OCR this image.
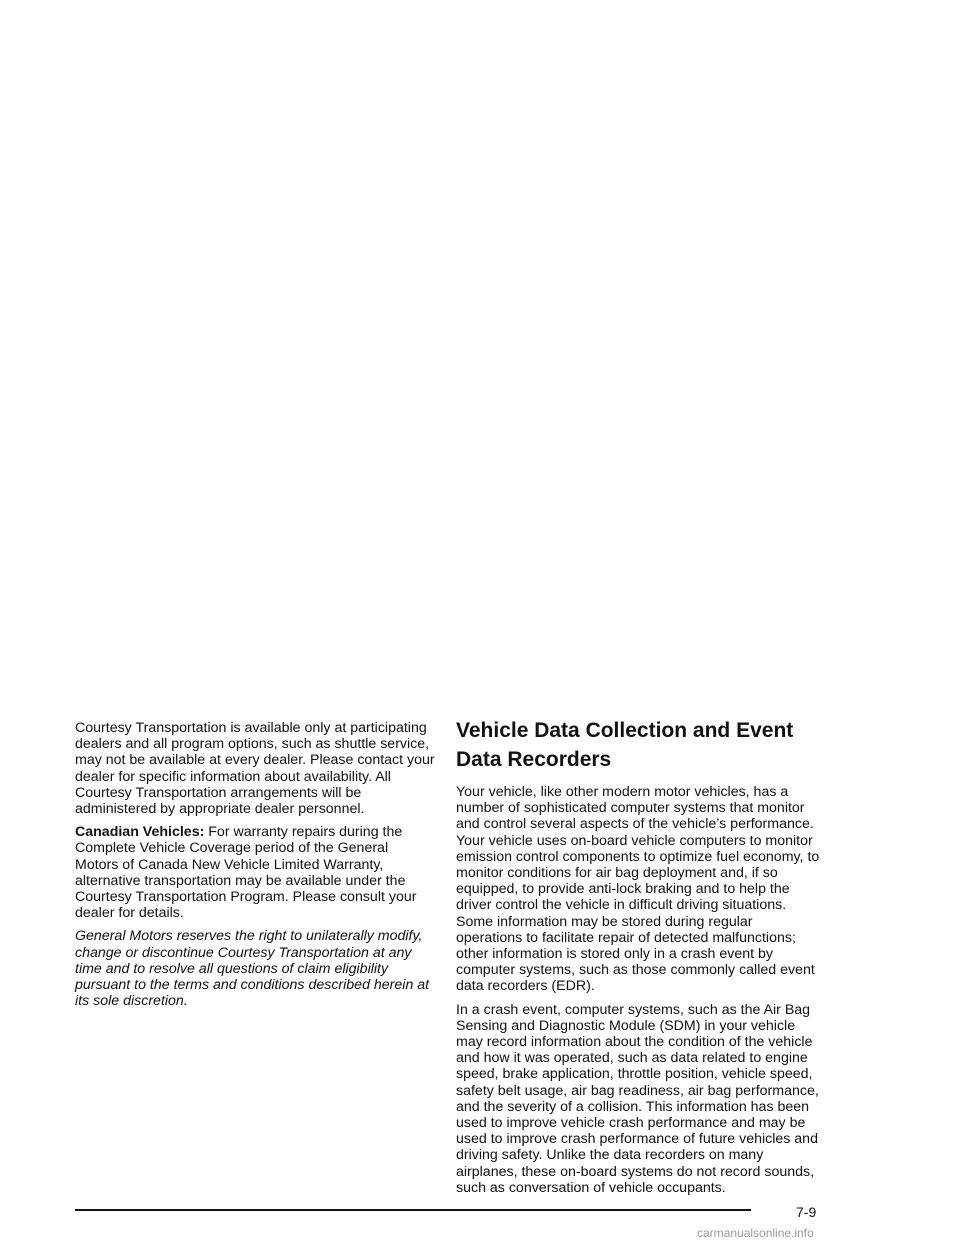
Courtesy Transportation is available only at participating dealers and all program options, such as shuttle service, may not be available at every dealer. Please contact your dealer for specific information about availability. All Courtesy Transportation arrangements will be administered by appropriate dealer personnel.

Canadian Vehicles: For warranty repairs during the Complete Vehicle Coverage period of the General Motors of Canada New Vehicle Limited Warranty, alternative transportation may be available under the Courtesy Transportation Program. Please consult your dealer for details.

General Motors reserves the right to unilaterally modify, change or discontinue Courtesy Transportation at any time and to resolve all questions of claim eligibility pursuant to the terms and conditions described herein at its sole discretion.

Vehicle Data Collection and Event Data Recorders

Your vehicle, like other modern motor vehicles, has a number of sophisticated computer systems that monitor and control several aspects of the vehicle’s performance. Your vehicle uses on-board vehicle computers to monitor emission control components to optimize fuel economy, to monitor conditions for air bag deployment and, if so equipped, to provide anti-lock braking and to help the driver control the vehicle in difficult driving situations. Some information may be stored during regular operations to facilitate repair of detected malfunctions; other information is stored only in a crash event by computer systems, such as those commonly called event data recorders (EDR).

In a crash event, computer systems, such as the Air Bag Sensing and Diagnostic Module (SDM) in your vehicle may record information about the condition of the vehicle and how it was operated, such as data related to engine speed, brake application, throttle position, vehicle speed, safety belt usage, air bag readiness, air bag performance, and the severity of a collision. This information has been used to improve vehicle crash performance and may be used to improve crash performance of future vehicles and driving safety. Unlike the data recorders on many airplanes, these on-board systems do not record sounds, such as conversation of vehicle occupants.

7-9
carmanualsonline.info
